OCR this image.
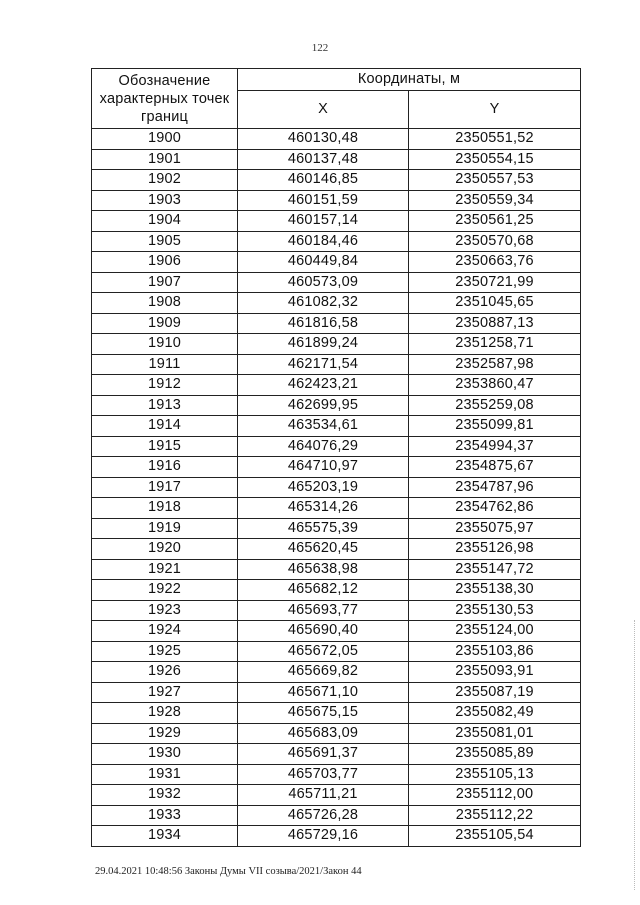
122
Обозначение
характерных точек
границ	Координаты, м	
	X	Y
1900	460130,48	2350551,52
1901	460137,48	2350554,15
1902	460146,85	2350557,53
1903	460151,59	2350559,34
1904	460157,14	2350561,25
1905	460184,46	2350570,68
1906	460449,84	2350663,76
1907	460573,09	2350721,99
1908	461082,32	2351045,65
1909	461816,58	2350887,13
1910	461899,24	2351258,71
1911	462171,54	2352587,98
1912	462423,21	2353860,47
1913	462699,95	2355259,08
1914	463534,61	2355099,81
1915	464076,29	2354994,37
1916	464710,97	2354875,67
1917	465203,19	2354787,96
1918	465314,26	2354762,86
1919	465575,39	2355075,97
1920	465620,45	2355126,98
1921	465638,98	2355147,72
1922	465682,12	2355138,30
1923	465693,77	2355130,53
1924	465690,40	2355124,00
1925	465672,05	2355103,86
1926	465669,82	2355093,91
1927	465671,10	2355087,19
1928	465675,15	2355082,49
1929	465683,09	2355081,01
1930	465691,37	2355085,89
1931	465703,77	2355105,13
1932	465711,21	2355112,00
1933	465726,28	2355112,22
1934	465729,16	2355105,54
29.04.2021 10:48:56 Законы Думы VII созыва/2021/Закон 44
